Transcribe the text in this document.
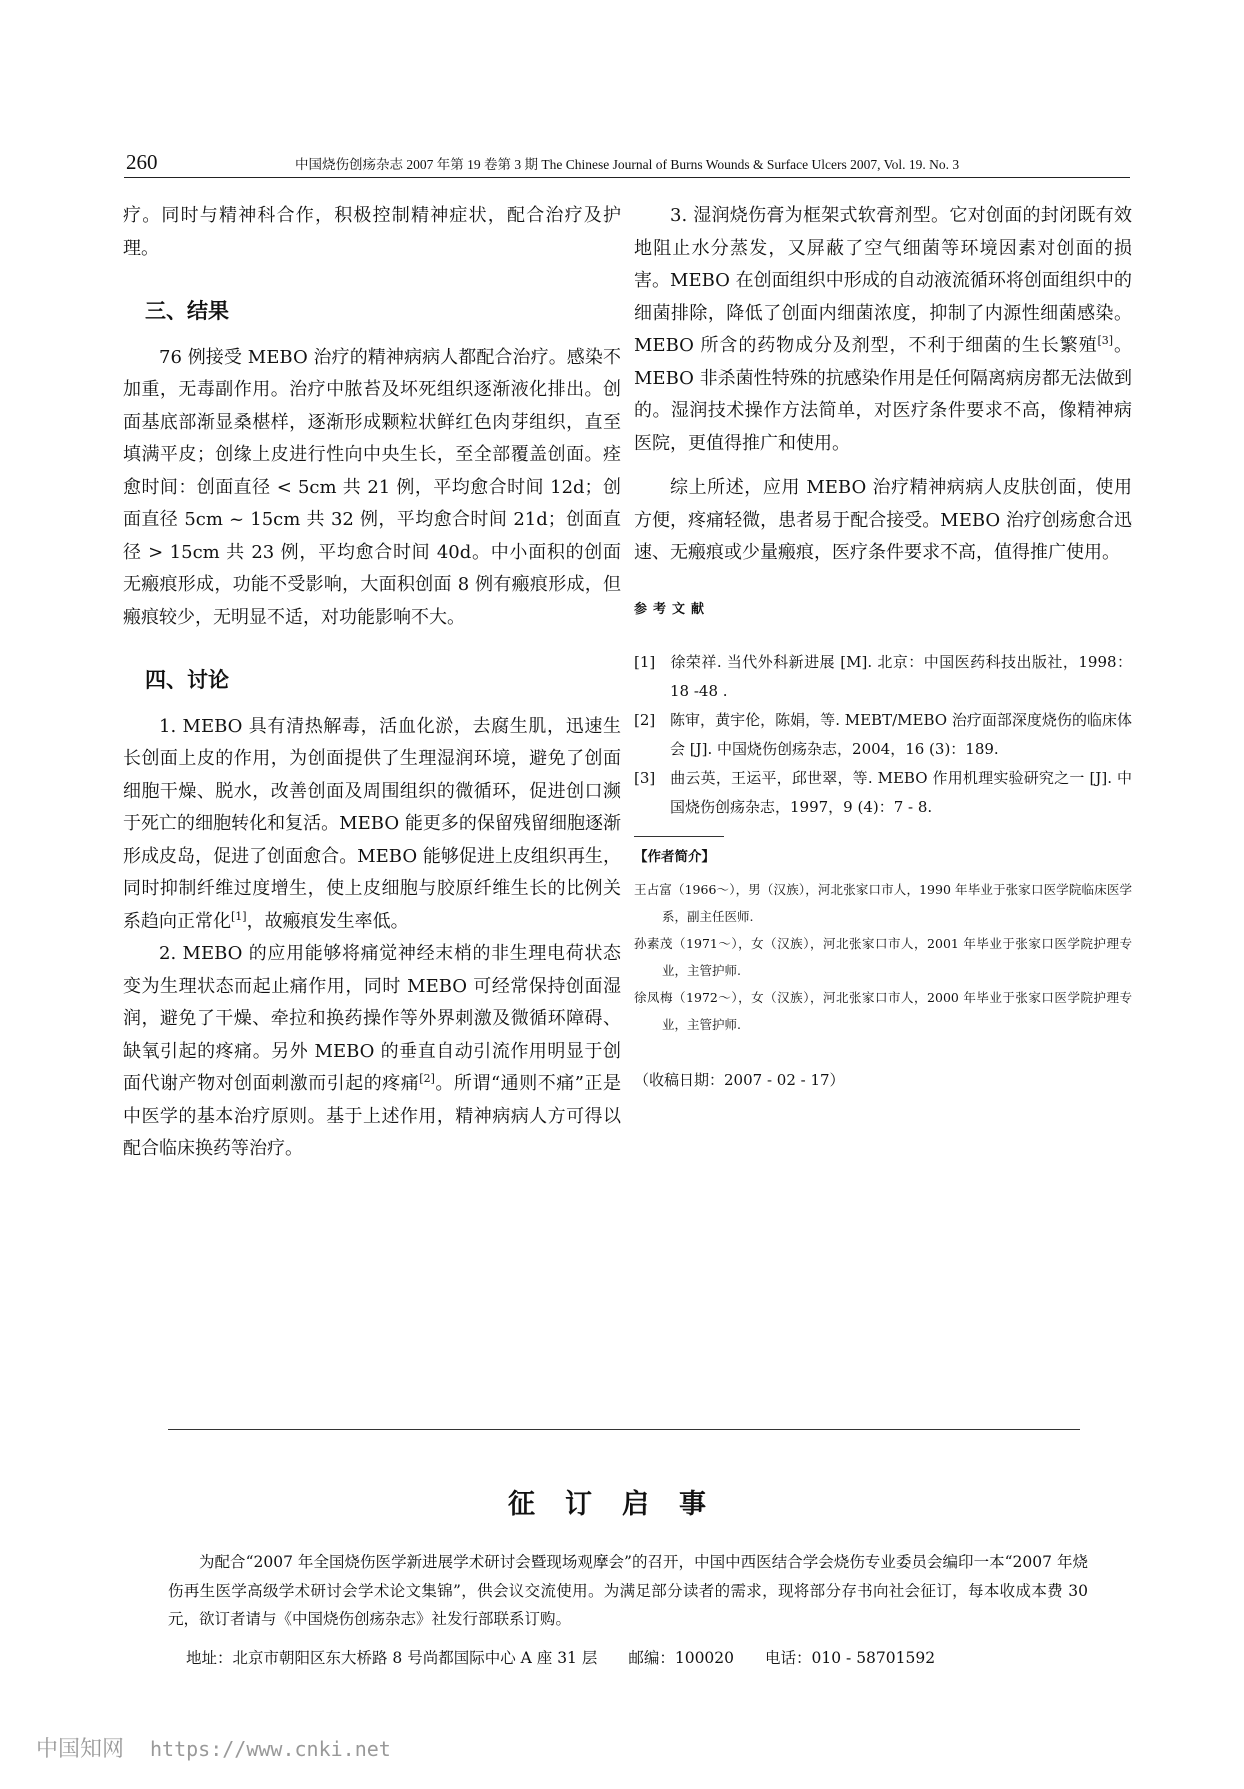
260	中国烧伤创疡杂志 2007 年第 19 卷第 3 期 The Chinese Journal of Burns Wounds & Surface Ulcers 2007, Vol. 19. No. 3

疗。同时与精神科合作，积极控制精神症状，配合治疗及护理。

三、结果

76 例接受 MEBO 治疗的精神病病人都配合治疗。感染不加重，无毒副作用。治疗中脓苔及坏死组织逐渐液化排出。创面基底部渐显桑椹样，逐渐形成颗粒状鲜红色肉芽组织，直至填满平皮；创缘上皮进行性向中央生长，至全部覆盖创面。痊愈时间：创面直径 < 5cm 共 21 例，平均愈合时间 12d；创面直径 5cm ~ 15cm 共 32 例，平均愈合时间 21d；创面直径 > 15cm 共 23 例，平均愈合时间 40d。中小面积的创面无瘢痕形成，功能不受影响，大面积创面 8 例有瘢痕形成，但瘢痕较少，无明显不适，对功能影响不大。

四、讨论

1. MEBO 具有清热解毒，活血化淤，去腐生肌，迅速生长创面上皮的作用，为创面提供了生理湿润环境，避免了创面细胞干燥、脱水，改善创面及周围组织的微循环，促进创口濒于死亡的细胞转化和复活。MEBO 能更多的保留残留细胞逐渐形成皮岛，促进了创面愈合。MEBO 能够促进上皮组织再生，同时抑制纤维过度增生，使上皮细胞与胶原纤维生长的比例关系趋向正常化[1]，故瘢痕发生率低。

2. MEBO 的应用能够将痛觉神经末梢的非生理电荷状态变为生理状态而起止痛作用，同时 MEBO 可经常保持创面湿润，避免了干燥、牵拉和换药操作等外界刺激及微循环障碍、缺氧引起的疼痛。另外 MEBO 的垂直自动引流作用明显于创面代谢产物对创面刺激而引起的疼痛[2]。所谓“通则不痛”正是中医学的基本治疗原则。基于上述作用，精神病病人方可得以配合临床换药等治疗。

3. 湿润烧伤膏为框架式软膏剂型。它对创面的封闭既有效地阻止水分蒸发，又屏蔽了空气细菌等环境因素对创面的损害。MEBO 在创面组织中形成的自动液流循环将创面组织中的细菌排除，降低了创面内细菌浓度，抑制了内源性细菌感染。MEBO 所含的药物成分及剂型，不利于细菌的生长繁殖[3]。MEBO 非杀菌性特殊的抗感染作用是任何隔离病房都无法做到的。湿润技术操作方法简单，对医疗条件要求不高，像精神病医院，更值得推广和使用。

综上所述，应用 MEBO 治疗精神病病人皮肤创面，使用方便，疼痛轻微，患者易于配合接受。MEBO 治疗创疡愈合迅速、无瘢痕或少量瘢痕，医疗条件要求不高，值得推广使用。

参考文献

[1] 徐荣祥. 当代外科新进展 [M]. 北京：中国医药科技出版社，1998：18 -48 .

[2] 陈审，黄宇伦，陈娟，等. MEBT/MEBO 治疗面部深度烧伤的临床体会 [J]. 中国烧伤创疡杂志，2004，16 (3)：189.

[3] 曲云英，王运平，邱世翠，等. MEBO 作用机理实验研究之一 [J]. 中国烧伤创疡杂志，1997，9 (4)：7 - 8.

【作者简介】

王占富（1966～），男（汉族），河北张家口市人，1990 年毕业于张家口医学院临床医学系，副主任医师.

孙素茂（1971～），女（汉族），河北张家口市人，2001 年毕业于张家口医学院护理专业，主管护师.

徐凤梅（1972～），女（汉族），河北张家口市人，2000 年毕业于张家口医学院护理专业，主管护师.

（收稿日期：2007 - 02 - 17）

征订启事

为配合“2007 年全国烧伤医学新进展学术研讨会暨现场观摩会”的召开，中国中西医结合学会烧伤专业委员会编印一本“2007 年烧伤再生医学高级学术研讨会学术论文集锦”，供会议交流使用。为满足部分读者的需求，现将部分存书向社会征订，每本收成本费 30 元，欲订者请与《中国烧伤创疡杂志》社发行部联系订购。

地址：北京市朝阳区东大桥路 8 号尚都国际中心 A 座 31 层　　邮编：100020　　电话：010 - 58701592
中国知网 https://www.cnki.net
